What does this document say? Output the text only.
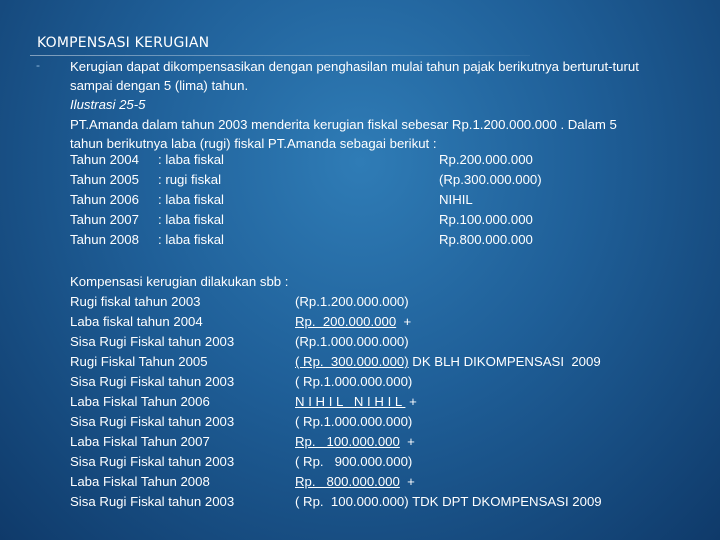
KOMPENSASI KERUGIAN
-	Kerugian dapat dikompensasikan dengan penghasilan mulai tahun pajak berikutnya berturut-turut
sampai dengan 5 (lima) tahun.
Ilustrasi 25-5
PT.Amanda dalam tahun 2003 menderita kerugian fiskal sebesar Rp.1.200.000.000 . Dalam 5
tahun berikutnya laba (rugi) fiskal PT.Amanda sebagai berikut :
Tahun 2004 : laba fiskal	Rp.200.000.000
Tahun 2005 : rugi fiskal	(Rp.300.000.000)
Tahun 2006 : laba fiskal	NIHIL
Tahun 2007 : laba fiskal	Rp.100.000.000
Tahun 2008 : laba fiskal	Rp.800.000.000
Kompensasi kerugian dilakukan sbb :
Rugi fiskal tahun 2003	(Rp.1.200.000.000)
Laba fiskal tahun 2004	Rp.  200.000.000  +
Sisa Rugi Fiskal tahun 2003	(Rp.1.000.000.000)
Rugi Fiskal Tahun 2005	( Rp.  300.000.000) DK BLH DIKOMPENSASI  2009
Sisa Rugi Fiskal tahun 2003	( Rp.1.000.000.000)
Laba Fiskal Tahun 2006	N I H I L   N I H I L  +
Sisa Rugi Fiskal tahun 2003	( Rp.1.000.000.000)
Laba Fiskal Tahun 2007	Rp.   100.000.000  +
Sisa Rugi Fiskal tahun 2003	( Rp.   900.000.000)
Laba Fiskal Tahun 2008	Rp.   800.000.000  +
Sisa Rugi Fiskal tahun 2003	( Rp.  100.000.000) TDK DPT DKOMPENSASI 2009
